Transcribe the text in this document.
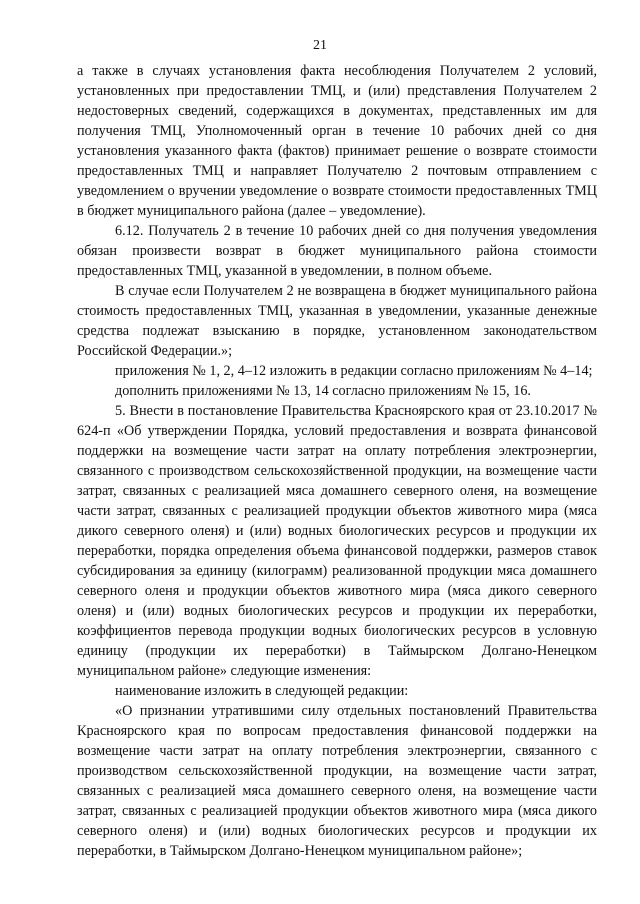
21

а также в случаях установления факта несоблюдения Получателем 2 условий, установленных при предоставлении ТМЦ, и (или) представления Получателем 2 недостоверных сведений, содержащихся в документах, представленных им для получения ТМЦ, Уполномоченный орган в течение 10 рабочих дней со дня установления указанного факта (фактов) принимает решение о возврате стоимости предоставленных ТМЦ и направляет Получателю 2 почтовым отправлением с уведомлением о вручении уведомление о возврате стоимости предоставленных ТМЦ в бюджет муниципального района (далее – уведомление).

6.12. Получатель 2 в течение 10 рабочих дней со дня получения уведомления обязан произвести возврат в бюджет муниципального района стоимости предоставленных ТМЦ, указанной в уведомлении, в полном объеме.

В случае если Получателем 2 не возвращена в бюджет муниципального района стоимость предоставленных ТМЦ, указанная в уведомлении, указанные денежные средства подлежат взысканию в порядке, установленном законодательством Российской Федерации.»;

приложения № 1, 2, 4–12 изложить в редакции согласно приложениям № 4–14;

дополнить приложениями № 13, 14 согласно приложениям № 15, 16.

5. Внести в постановление Правительства Красноярского края от 23.10.2017 № 624-п «Об утверждении Порядка, условий предоставления и возврата финансовой поддержки на возмещение части затрат на оплату потребления электроэнергии, связанного с производством сельскохозяйственной продукции, на возмещение части затрат, связанных с реализацией мяса домашнего северного оленя, на возмещение части затрат, связанных с реализацией продукции объектов животного мира (мяса дикого северного оленя) и (или) водных биологических ресурсов и продукции их переработки, порядка определения объема финансовой поддержки, размеров ставок субсидирования за единицу (килограмм) реализованной продукции мяса домашнего северного оленя и продукции объектов животного мира (мяса дикого северного оленя) и (или) водных биологических ресурсов и продукции их переработки, коэффициентов перевода продукции водных биологических ресурсов в условную единицу (продукции их переработки) в Таймырском Долгано-Ненецком муниципальном районе» следующие изменения:

наименование изложить в следующей редакции:

«О признании утратившими силу отдельных постановлений Правительства Красноярского края по вопросам предоставления финансовой поддержки на возмещение части затрат на оплату потребления электроэнергии, связанного с производством сельскохозяйственной продукции, на возмещение части затрат, связанных с реализацией мяса домашнего северного оленя, на возмещение части затрат, связанных с реализацией продукции объектов животного мира (мяса дикого северного оленя) и (или) водных биологических ресурсов и продукции их переработки, в Таймырском Долгано-Ненецком муниципальном районе»;
